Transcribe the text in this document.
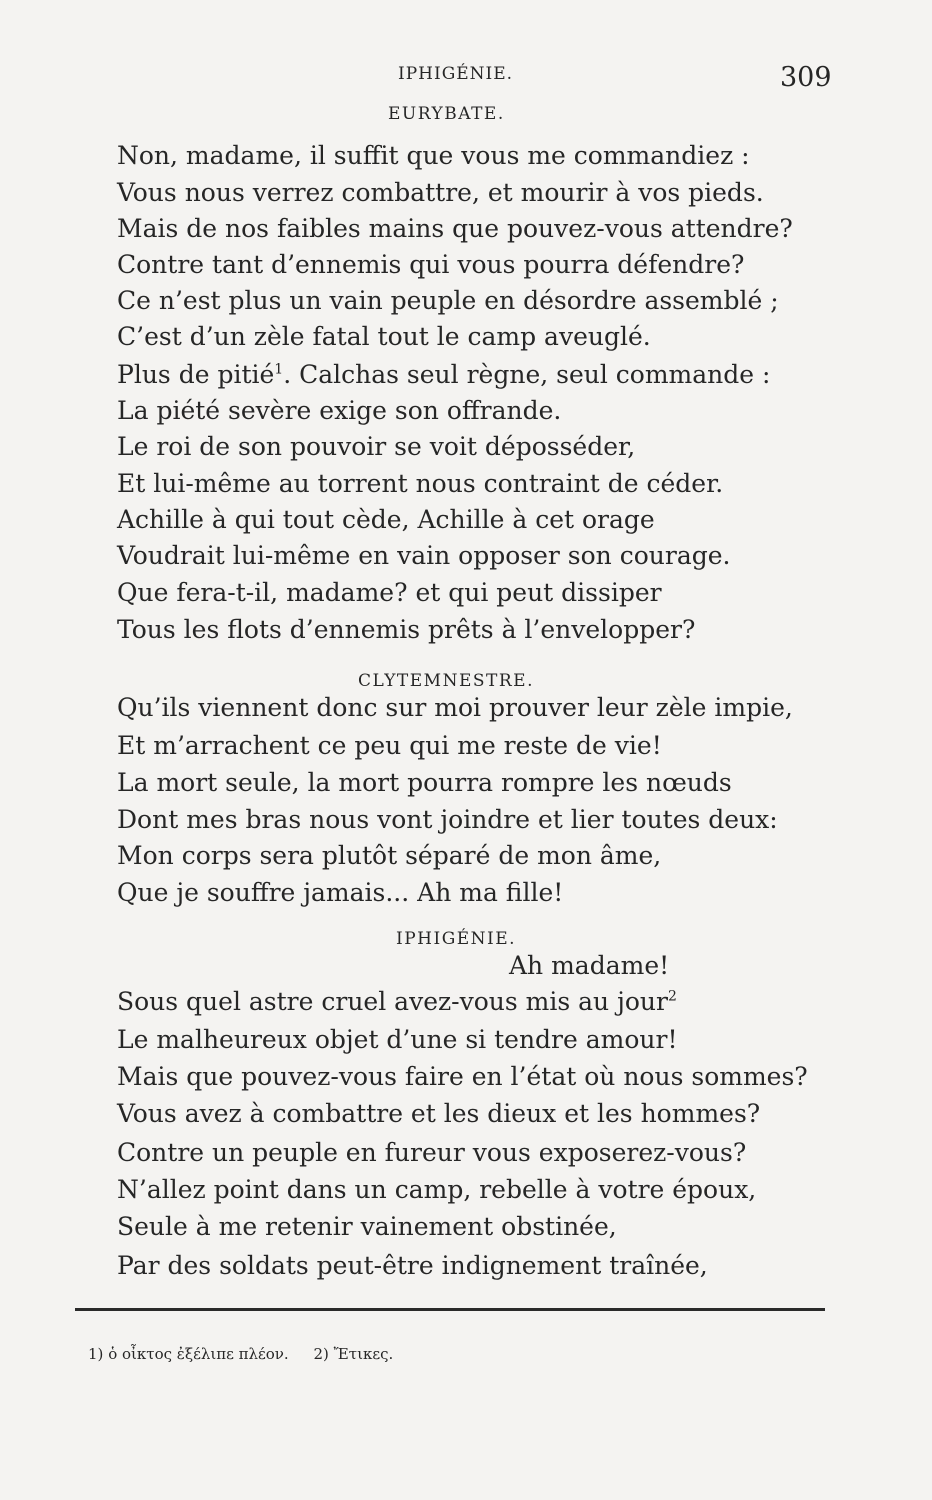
IPHIGÉNIE.	309
EURYBATE.
Non, madame, il suffit que vous me commandiez :
Vous nous verrez combattre, et mourir à vos pieds.
Mais de nos faibles mains que pouvez-vous attendre?
Contre tant d’ennemis qui vous pourra défendre?
Ce n’est plus un vain peuple en désordre assemblé ;
C’est d’un zèle fatal tout le camp aveuglé.
Plus de pitié$^1$. Calchas seul règne, seul commande :
La piété sevère exige son offrande.
Le roi de son pouvoir se voit déposséder,
Et lui-même au torrent nous contraint de céder.
Achille à qui tout cède, Achille à cet orage
Voudrait lui-même en vain opposer son courage.
Que fera-t-il, madame? et qui peut dissiper
Tous les flots d’ennemis prêts à l’envelopper?
CLYTEMNESTRE.
Qu’ils viennent donc sur moi prouver leur zèle impie,
Et m’arrachent ce peu qui me reste de vie!
La mort seule, la mort pourra rompre les nœuds
Dont mes bras nous vont joindre et lier toutes deux:
Mon corps sera plutôt séparé de mon âme,
Que je souffre jamais... Ah ma fille!
IPHIGÉNIE.
Ah madame!
Sous quel astre cruel avez-vous mis au jour$^2$
Le malheureux objet d’une si tendre amour!
Mais que pouvez-vous faire en l’état où nous sommes?
Vous avez à combattre et les dieux et les hommes?
Contre un peuple en fureur vous exposerez-vous?
N’allez point dans un camp, rebelle à votre époux,
Seule à me retenir vainement obstinée,
Par des soldats peut-être indignement traînée,
1) ὁ οἶκτος ἐξέλιπε πλέον. 2) Ἔτικες.
